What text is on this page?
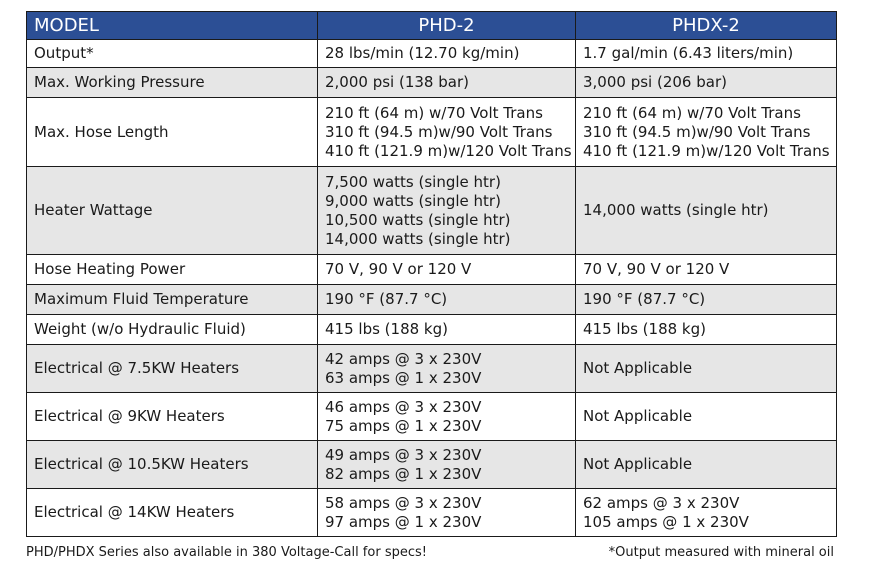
MODEL	PHD-2	PHDX-2
Output*	28 lbs/min (12.70 kg/min)	1.7 gal/min (6.43 liters/min)

Max. Working Pressure	2,000 psi (138 bar)	3,000 psi (206 bar)

Max. Hose Length	210 ft (64 m) w/70 Volt Trans
310 ft (94.5 m)w/90 Volt Trans
410 ft (121.9 m)w/120 Volt Trans	210 ft (64 m) w/70 Volt Trans
310 ft (94.5 m)w/90 Volt Trans
410 ft (121.9 m)w/120 Volt Trans

Heater Wattage	7,500 watts (single htr)
9,000 watts (single htr)
10,500 watts (single htr)
14,000 watts (single htr)	14,000 watts (single htr)

Hose Heating Power	70 V, 90 V or 120 V	70 V, 90 V or 120 V

Maximum Fluid Temperature	190 °F (87.7 °C)	190 °F (87.7 °C)

Weight (w/o Hydraulic Fluid)	415 lbs (188 kg)	415 lbs (188 kg)

Electrical @ 7.5KW Heaters	42 amps @ 3 x 230V
63 amps @ 1 x 230V	Not Applicable

Electrical @ 9KW Heaters	46 amps @ 3 x 230V
75 amps @ 1 x 230V	Not Applicable

Electrical @ 10.5KW Heaters	49 amps @ 3 x 230V
82 amps @ 1 x 230V	Not Applicable

Electrical @ 14KW Heaters	58 amps @ 3 x 230V
97 amps @ 1 x 230V	62 amps @ 3 x 230V
105 amps @ 1 x 230V
PHD/PHDX Series also available in 380 Voltage-Call for specs!	*Output measured with mineral oil
